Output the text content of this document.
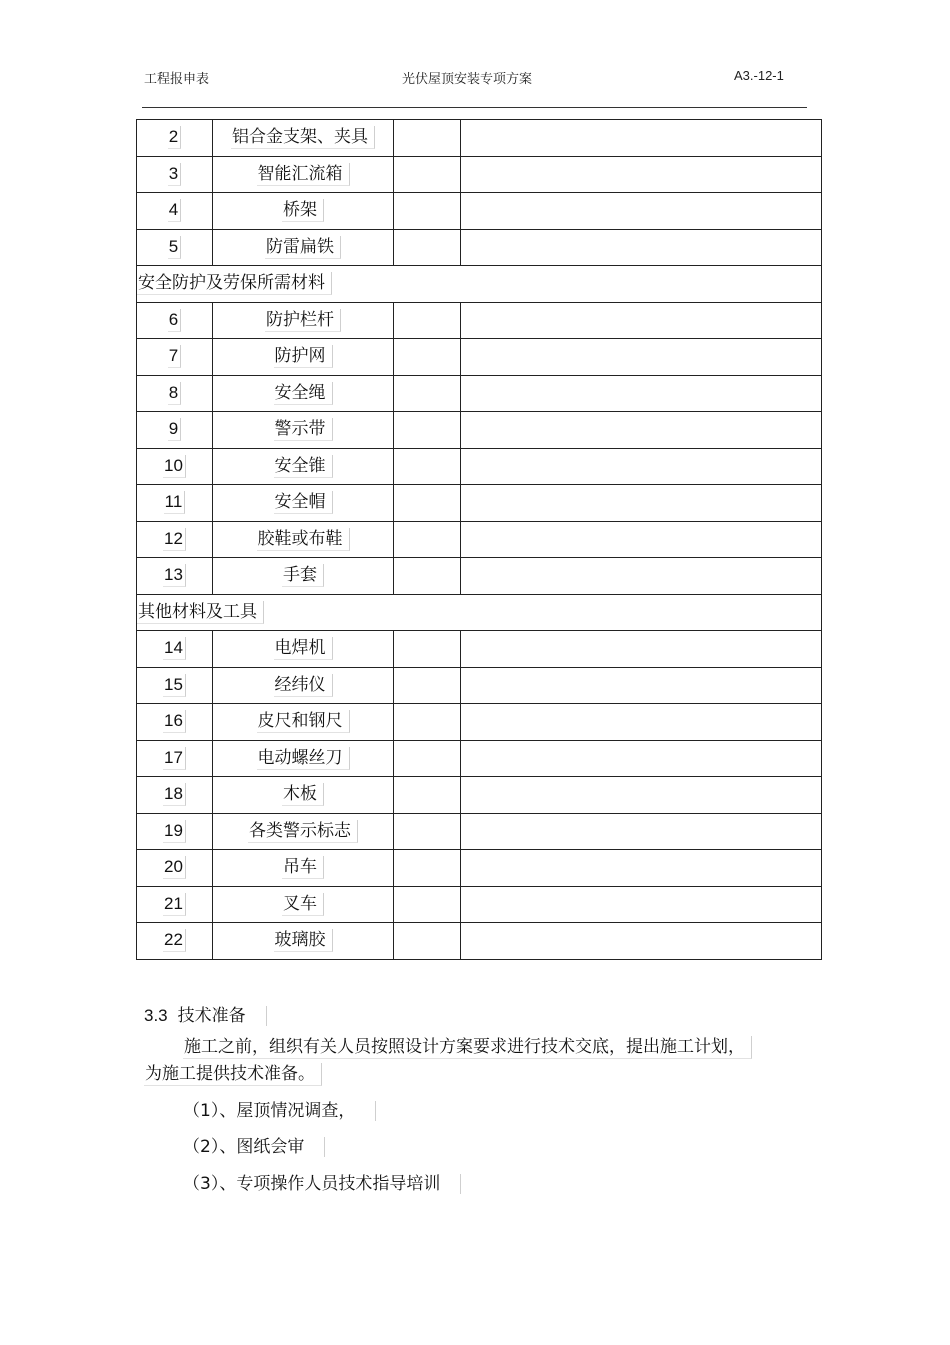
工程报申表	光伏屋顶安装专项方案	A3.-12-1
2	铝合金支架、夹具		
3	智能汇流箱		
4	桥架		
5	防雷扁铁		
安全防护及劳保所需材料			
6	防护栏杆		
7	防护网		
8	安全绳		
9	警示带		
10	安全锥		
11	安全帽		
12	胶鞋或布鞋		
13	手套		
其他材料及工具			
14	电焊机		
15	经纬仪		
16	皮尺和钢尺		
17	电动螺丝刀		
18	木板		
19	各类警示标志		
20	吊车		
21	叉车		
22	玻璃胶		
3.3 技术准备
施工之前，组织有关人员按照设计方案要求进行技术交底，提出施工计划，
为施工提供技术准备。
（1）、屋顶情况调查，
（2）、图纸会审
（3）、专项操作人员技术指导培训
